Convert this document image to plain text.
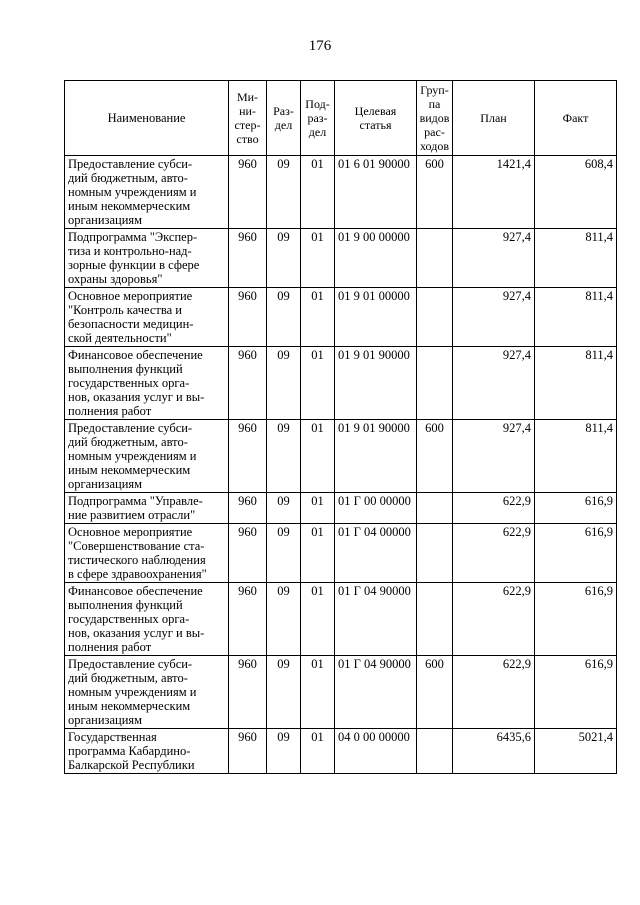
176
Наименование	Ми-
ни-
стер-
ство	Раз-
дел	Под-
раз-
дел	Целевая
статья	Груп-
па
видов
рас-
ходов	План	Факт
Предоставление субси-
дий бюджетным, авто-
номным учреждениям и
иным некоммерческим
организациям	960	09	01	01 6 01 90000	600	1421,4	608,4
Подпрограмма "Экспер-
тиза и контрольно-над-
зорные функции в сфере
охраны здоровья"	960	09	01	01 9 00 00000		927,4	811,4
Основное мероприятие
"Контроль качества и
безопасности медицин-
ской деятельности"	960	09	01	01 9 01 00000		927,4	811,4
Финансовое обеспечение
выполнения функций
государственных орга-
нов, оказания услуг и вы-
полнения работ	960	09	01	01 9 01 90000		927,4	811,4
Предоставление субси-
дий бюджетным, авто-
номным учреждениям и
иным некоммерческим
организациям	960	09	01	01 9 01 90000	600	927,4	811,4
Подпрограмма "Управле-
ние развитием отрасли"	960	09	01	01 Г 00 00000		622,9	616,9
Основное мероприятие
"Совершенствование ста-
тистического наблюдения
в сфере здравоохранения"	960	09	01	01 Г 04 00000		622,9	616,9
Финансовое обеспечение
выполнения функций
государственных орга-
нов, оказания услуг и вы-
полнения работ	960	09	01	01 Г 04 90000		622,9	616,9
Предоставление субси-
дий бюджетным, авто-
номным учреждениям и
иным некоммерческим
организациям	960	09	01	01 Г 04 90000	600	622,9	616,9
Государственная
программа Кабардино-
Балкарской Республики	960	09	01	04 0 00 00000		6435,6	5021,4
